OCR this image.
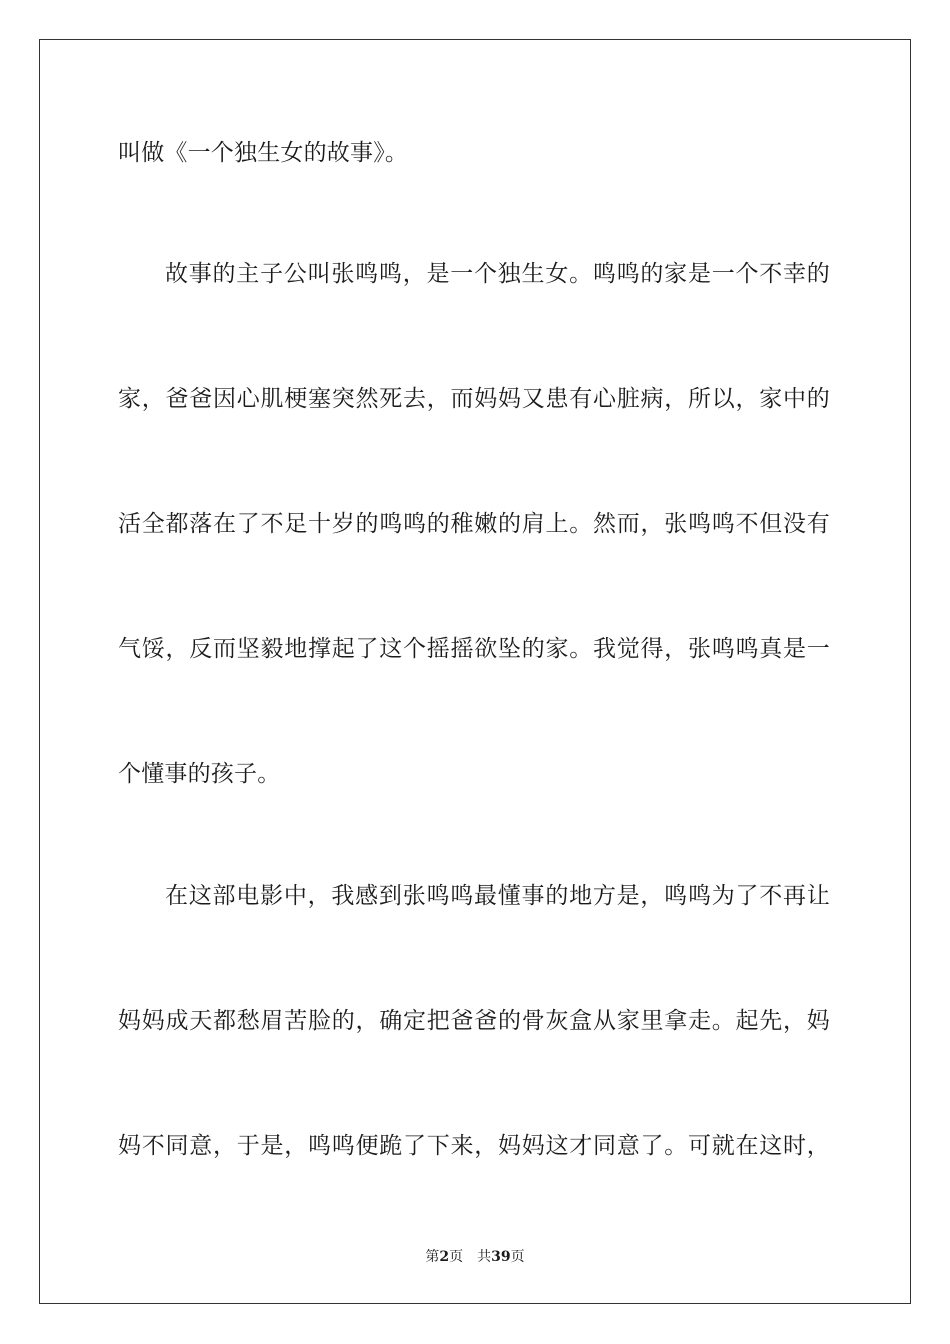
叫做《一个独生女的故事》。
故事的主子公叫张鸣鸣，是一个独生女。鸣鸣的家是一个不幸的
家，爸爸因心肌梗塞突然死去，而妈妈又患有心脏病，所以，家中的
活全都落在了不足十岁的鸣鸣的稚嫩的肩上。然而，张鸣鸣不但没有
气馁，反而坚毅地撑起了这个摇摇欲坠的家。我觉得，张鸣鸣真是一
个懂事的孩子。
在这部电影中，我感到张鸣鸣最懂事的地方是，鸣鸣为了不再让
妈妈成天都愁眉苦脸的，确定把爸爸的骨灰盒从家里拿走。起先，妈
妈不同意，于是，鸣鸣便跪了下来，妈妈这才同意了。可就在这时，
第2页 共39页
